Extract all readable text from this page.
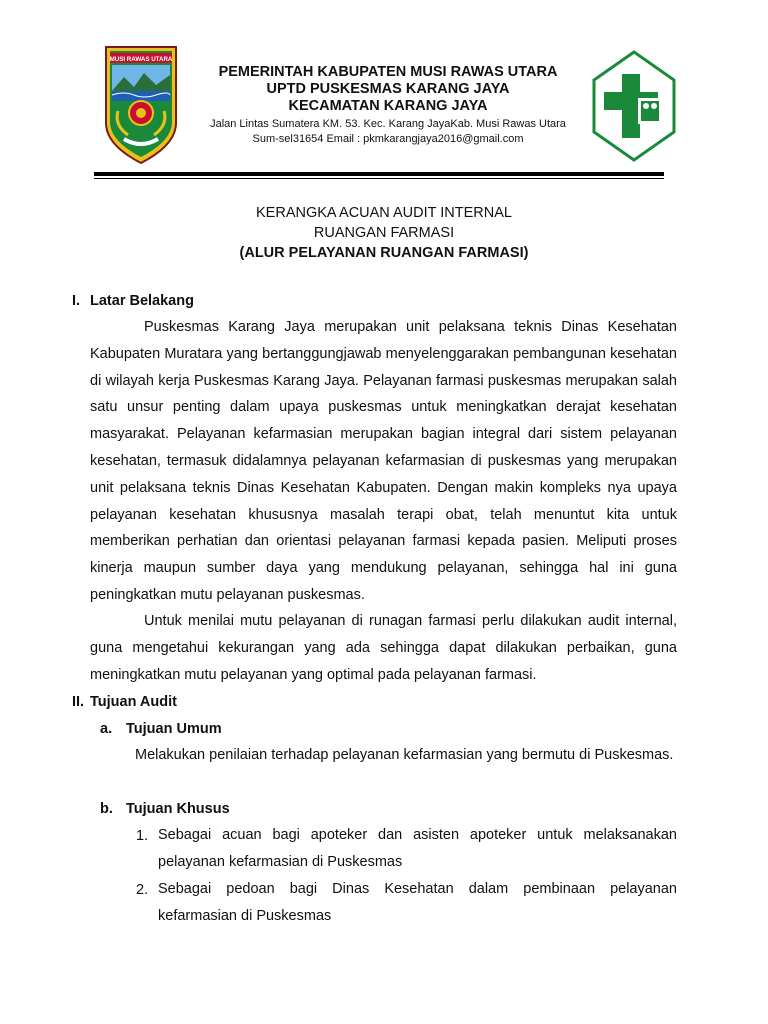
MUSI RAWAS UTARA
PEMERINTAH KABUPATEN MUSI RAWAS UTARA
UPTD PUSKESMAS KARANG JAYA
KECAMATAN KARANG JAYA
Jalan Lintas Sumatera KM. 53. Kec. Karang JayaKab. Musi Rawas Utara
Sum-sel31654 Email : pkmkarangjaya2016@gmail.com
KERANGKA ACUAN AUDIT INTERNAL
RUANGAN FARMASI
(ALUR PELAYANAN RUANGAN FARMASI)
I. Latar Belakang
Puskesmas Karang Jaya merupakan unit pelaksana teknis Dinas Kesehatan Kabupaten Muratara yang bertanggungjawab menyelenggarakan pembangunan kesehatan di wilayah kerja Puskesmas Karang Jaya. Pelayanan farmasi puskesmas merupakan salah satu unsur penting dalam upaya puskesmas untuk meningkatkan derajat kesehatan masyarakat. Pelayanan kefarmasian merupakan bagian integral dari sistem pelayanan kesehatan, termasuk didalamnya pelayanan kefarmasian di puskesmas yang merupakan unit pelaksana teknis Dinas Kesehatan Kabupaten. Dengan makin kompleks nya upaya pelayanan kesehatan khususnya masalah terapi obat, telah menuntut kita untuk memberikan perhatian dan orientasi pelayanan farmasi kepada pasien. Meliputi proses kinerja maupun sumber daya yang mendukung pelayanan, sehingga hal ini guna peningkatkan mutu pelayanan puskesmas.
Untuk menilai mutu pelayanan di runagan farmasi perlu dilakukan audit internal, guna mengetahui kekurangan yang ada sehingga dapat dilakukan perbaikan, guna meningkatkan mutu pelayanan yang optimal pada pelayanan farmasi.
II. Tujuan Audit
a. Tujuan Umum
Melakukan penilaian terhadap pelayanan kefarmasian yang bermutu di Puskesmas.
b. Tujuan Khusus
1. Sebagai acuan bagi apoteker dan asisten apoteker untuk melaksanakan pelayanan kefarmasian di Puskesmas
2. Sebagai pedoan bagi Dinas Kesehatan dalam pembinaan pelayanan kefarmasian di Puskesmas
